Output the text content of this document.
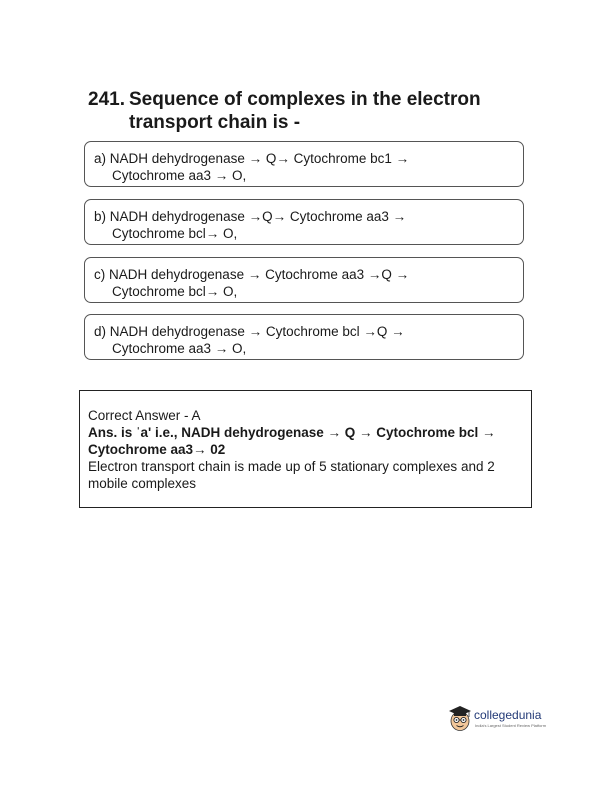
241. Sequence of complexes in the electron
transport chain is -
a) NADH dehydrogenase → Q→ Cytochrome bc1 →
Cytochrome aa3 → O,
b) NADH dehydrogenase →Q→ Cytochrome aa3 →
Cytochrome bcl→ O,
c) NADH dehydrogenase → Cytochrome aa3 →Q →
Cytochrome bcl→ O,
d) NADH dehydrogenase → Cytochrome bcl →Q →
Cytochrome aa3 → O,
Correct Answer - A
Ans. is ˈa' i.e., NADH dehydrogenase → Q → Cytochrome bcl →
Cytochrome aa3→ 02
Electron transport chain is made up of 5 stationary complexes and 2 mobile complexes
collegedunia
India's Largest Student Review Platform
